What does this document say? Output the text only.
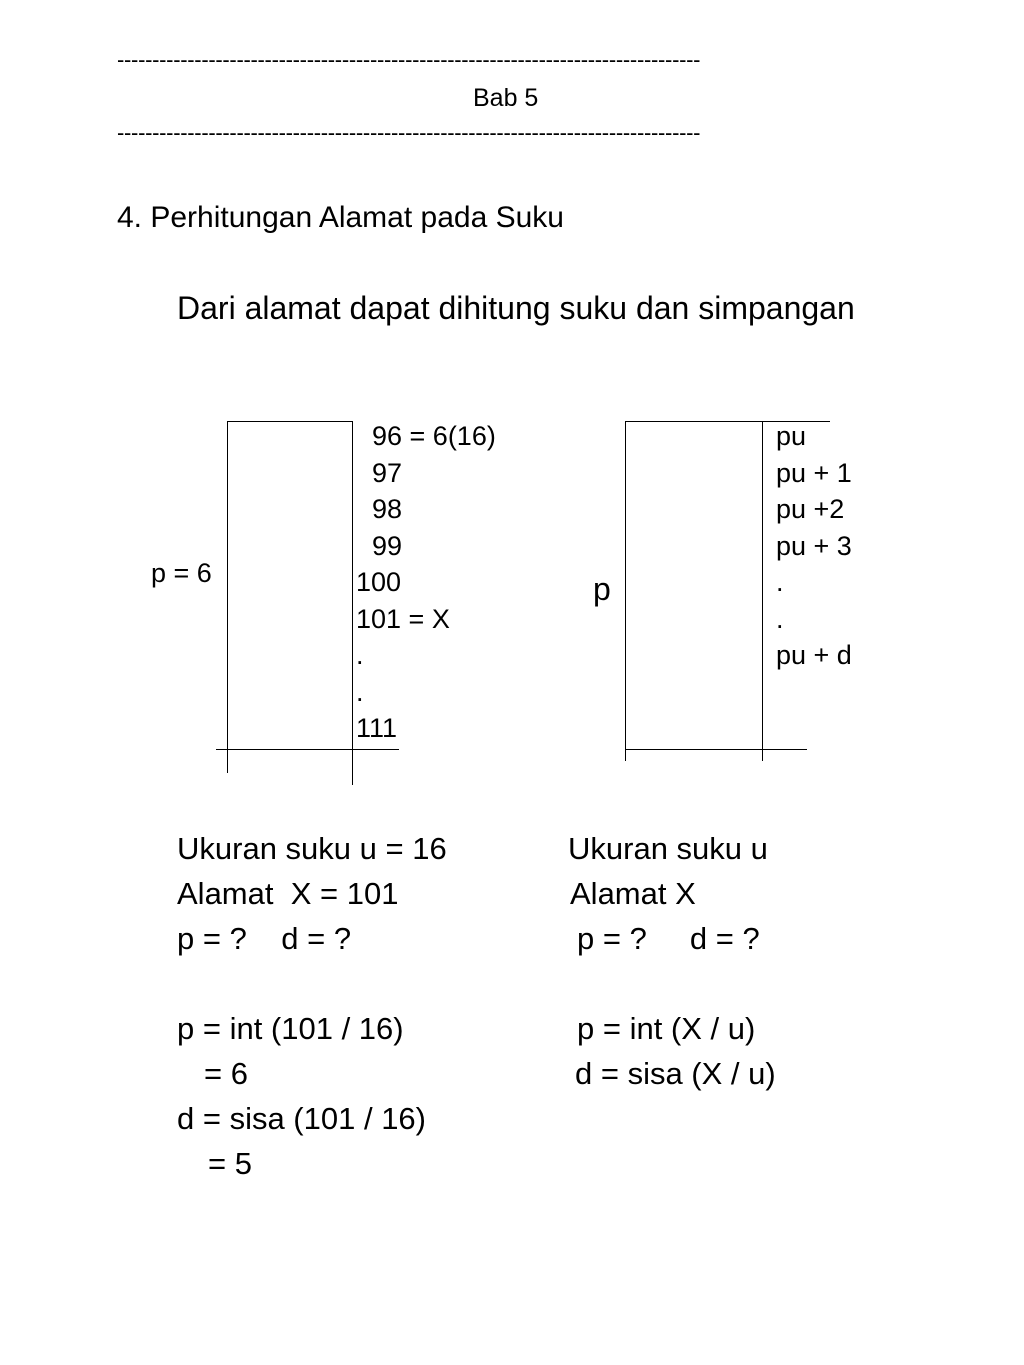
-----------------------------------------------------------------------------------
Bab 5
-----------------------------------------------------------------------------------
4. Perhitungan Alamat pada Suku
Dari alamat dapat dihitung suku dan simpangan
p = 6
96 = 6(16)
97
98
99
100
101 = X
.
.
111
p
pu
pu + 1
pu +2
pu + 3
.
.
pu + d
Ukuran suku u = 16
Alamat  X = 101
p = ?    d = ?
p = int (101 / 16)
= 6
d = sisa (101 / 16)
= 5
Ukuran suku u
Alamat X
p = ?     d = ?
p = int (X / u)
d = sisa (X / u)
